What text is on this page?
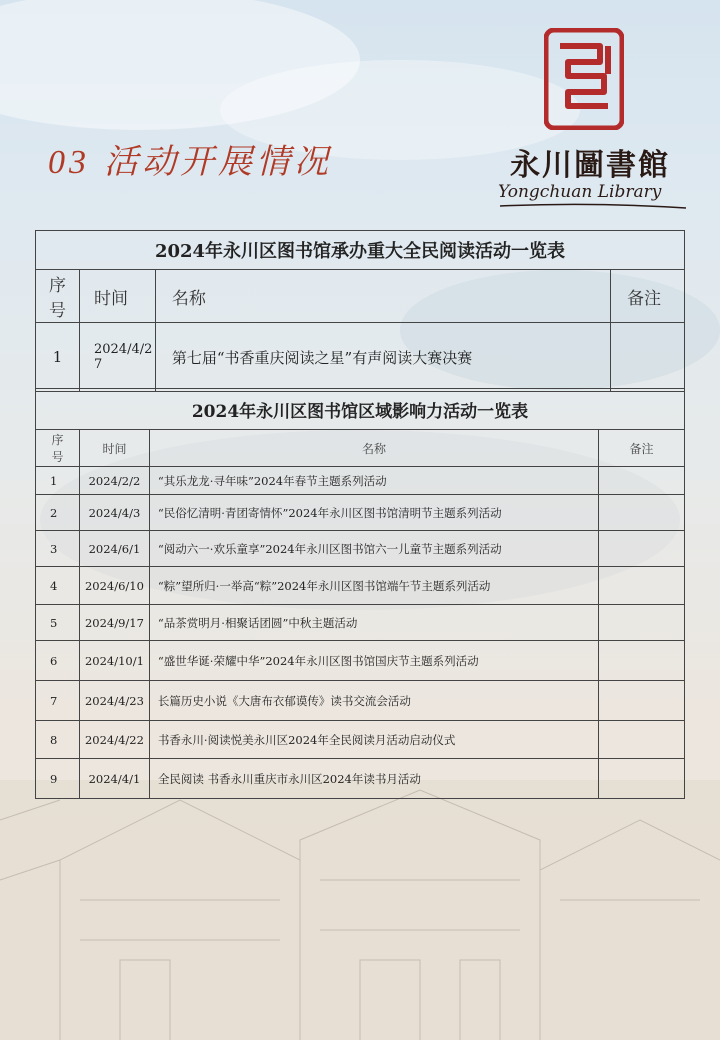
03 活动开展情况	永川圖書館
Yongchuan Library
2024年永川区图书馆承办重大全民阅读活动一览表			
序号	时间	名称	备注
1	2024/4/27	第七届“书香重庆阅读之星”有声阅读大赛决赛	
2024年永川区图书馆区域影响力活动一览表			
序号	时间	名称	备注
1	2024/2/2	“其乐龙龙·寻年味”2024年春节主题系列活动	
2	2024/4/3	“民俗忆清明·青团寄情怀”2024年永川区图书馆清明节主题系列活动	
3	2024/6/1	“阅动六一·欢乐童享”2024年永川区图书馆六一儿童节主题系列活动	
4	2024/6/10	“粽”望所归·一举高“粽”2024年永川区图书馆端午节主题系列活动	
5	2024/9/17	“品茶赏明月·相聚话团圆”中秋主题活动	
6	2024/10/1	“盛世华诞·荣耀中华”2024年永川区图书馆国庆节主题系列活动	
7	2024/4/23	长篇历史小说《大唐布衣郁谟传》读书交流会活动	
8	2024/4/22	书香永川·阅读悦美永川区2024年全民阅读月活动启动仪式	
9	2024/4/1	全民阅读 书香永川重庆市永川区2024年读书月活动	
